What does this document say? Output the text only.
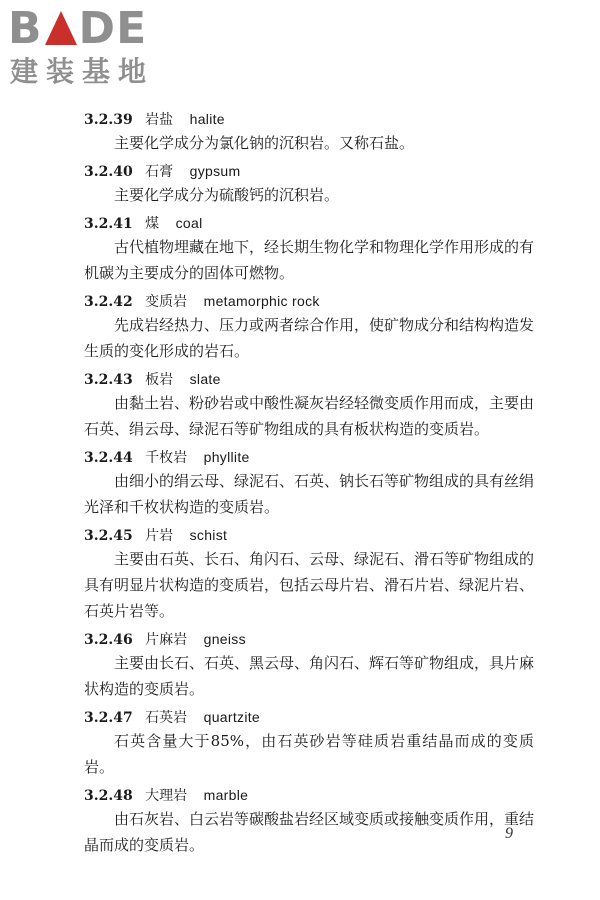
B DE
建装基地
3.2.39 岩盐 halite

主要化学成分为氯化钠的沉积岩。又称石盐。

3.2.40 石膏 gypsum

主要化学成分为硫酸钙的沉积岩。

3.2.41 煤 coal

古代植物埋藏在地下，经长期生物化学和物理化学作用形成的有机碳为主要成分的固体可燃物。

3.2.42 变质岩 metamorphic rock

先成岩经热力、压力或两者综合作用，使矿物成分和结构构造发生质的变化形成的岩石。

3.2.43 板岩 slate

由黏土岩、粉砂岩或中酸性凝灰岩经轻微变质作用而成，主要由石英、绢云母、绿泥石等矿物组成的具有板状构造的变质岩。

3.2.44 千枚岩 phyllite

由细小的绢云母、绿泥石、石英、钠长石等矿物组成的具有丝绢光泽和千枚状构造的变质岩。

3.2.45 片岩 schist

主要由石英、长石、角闪石、云母、绿泥石、滑石等矿物组成的具有明显片状构造的变质岩，包括云母片岩、滑石片岩、绿泥片岩、石英片岩等。

3.2.46 片麻岩 gneiss

主要由长石、石英、黑云母、角闪石、辉石等矿物组成，具片麻状构造的变质岩。

3.2.47 石英岩 quartzite

石英含量大于85%，由石英砂岩等硅质岩重结晶而成的变质岩。

3.2.48 大理岩 marble

由石灰岩、白云岩等碳酸盐岩经区域变质或接触变质作用，重结晶而成的变质岩。

9
